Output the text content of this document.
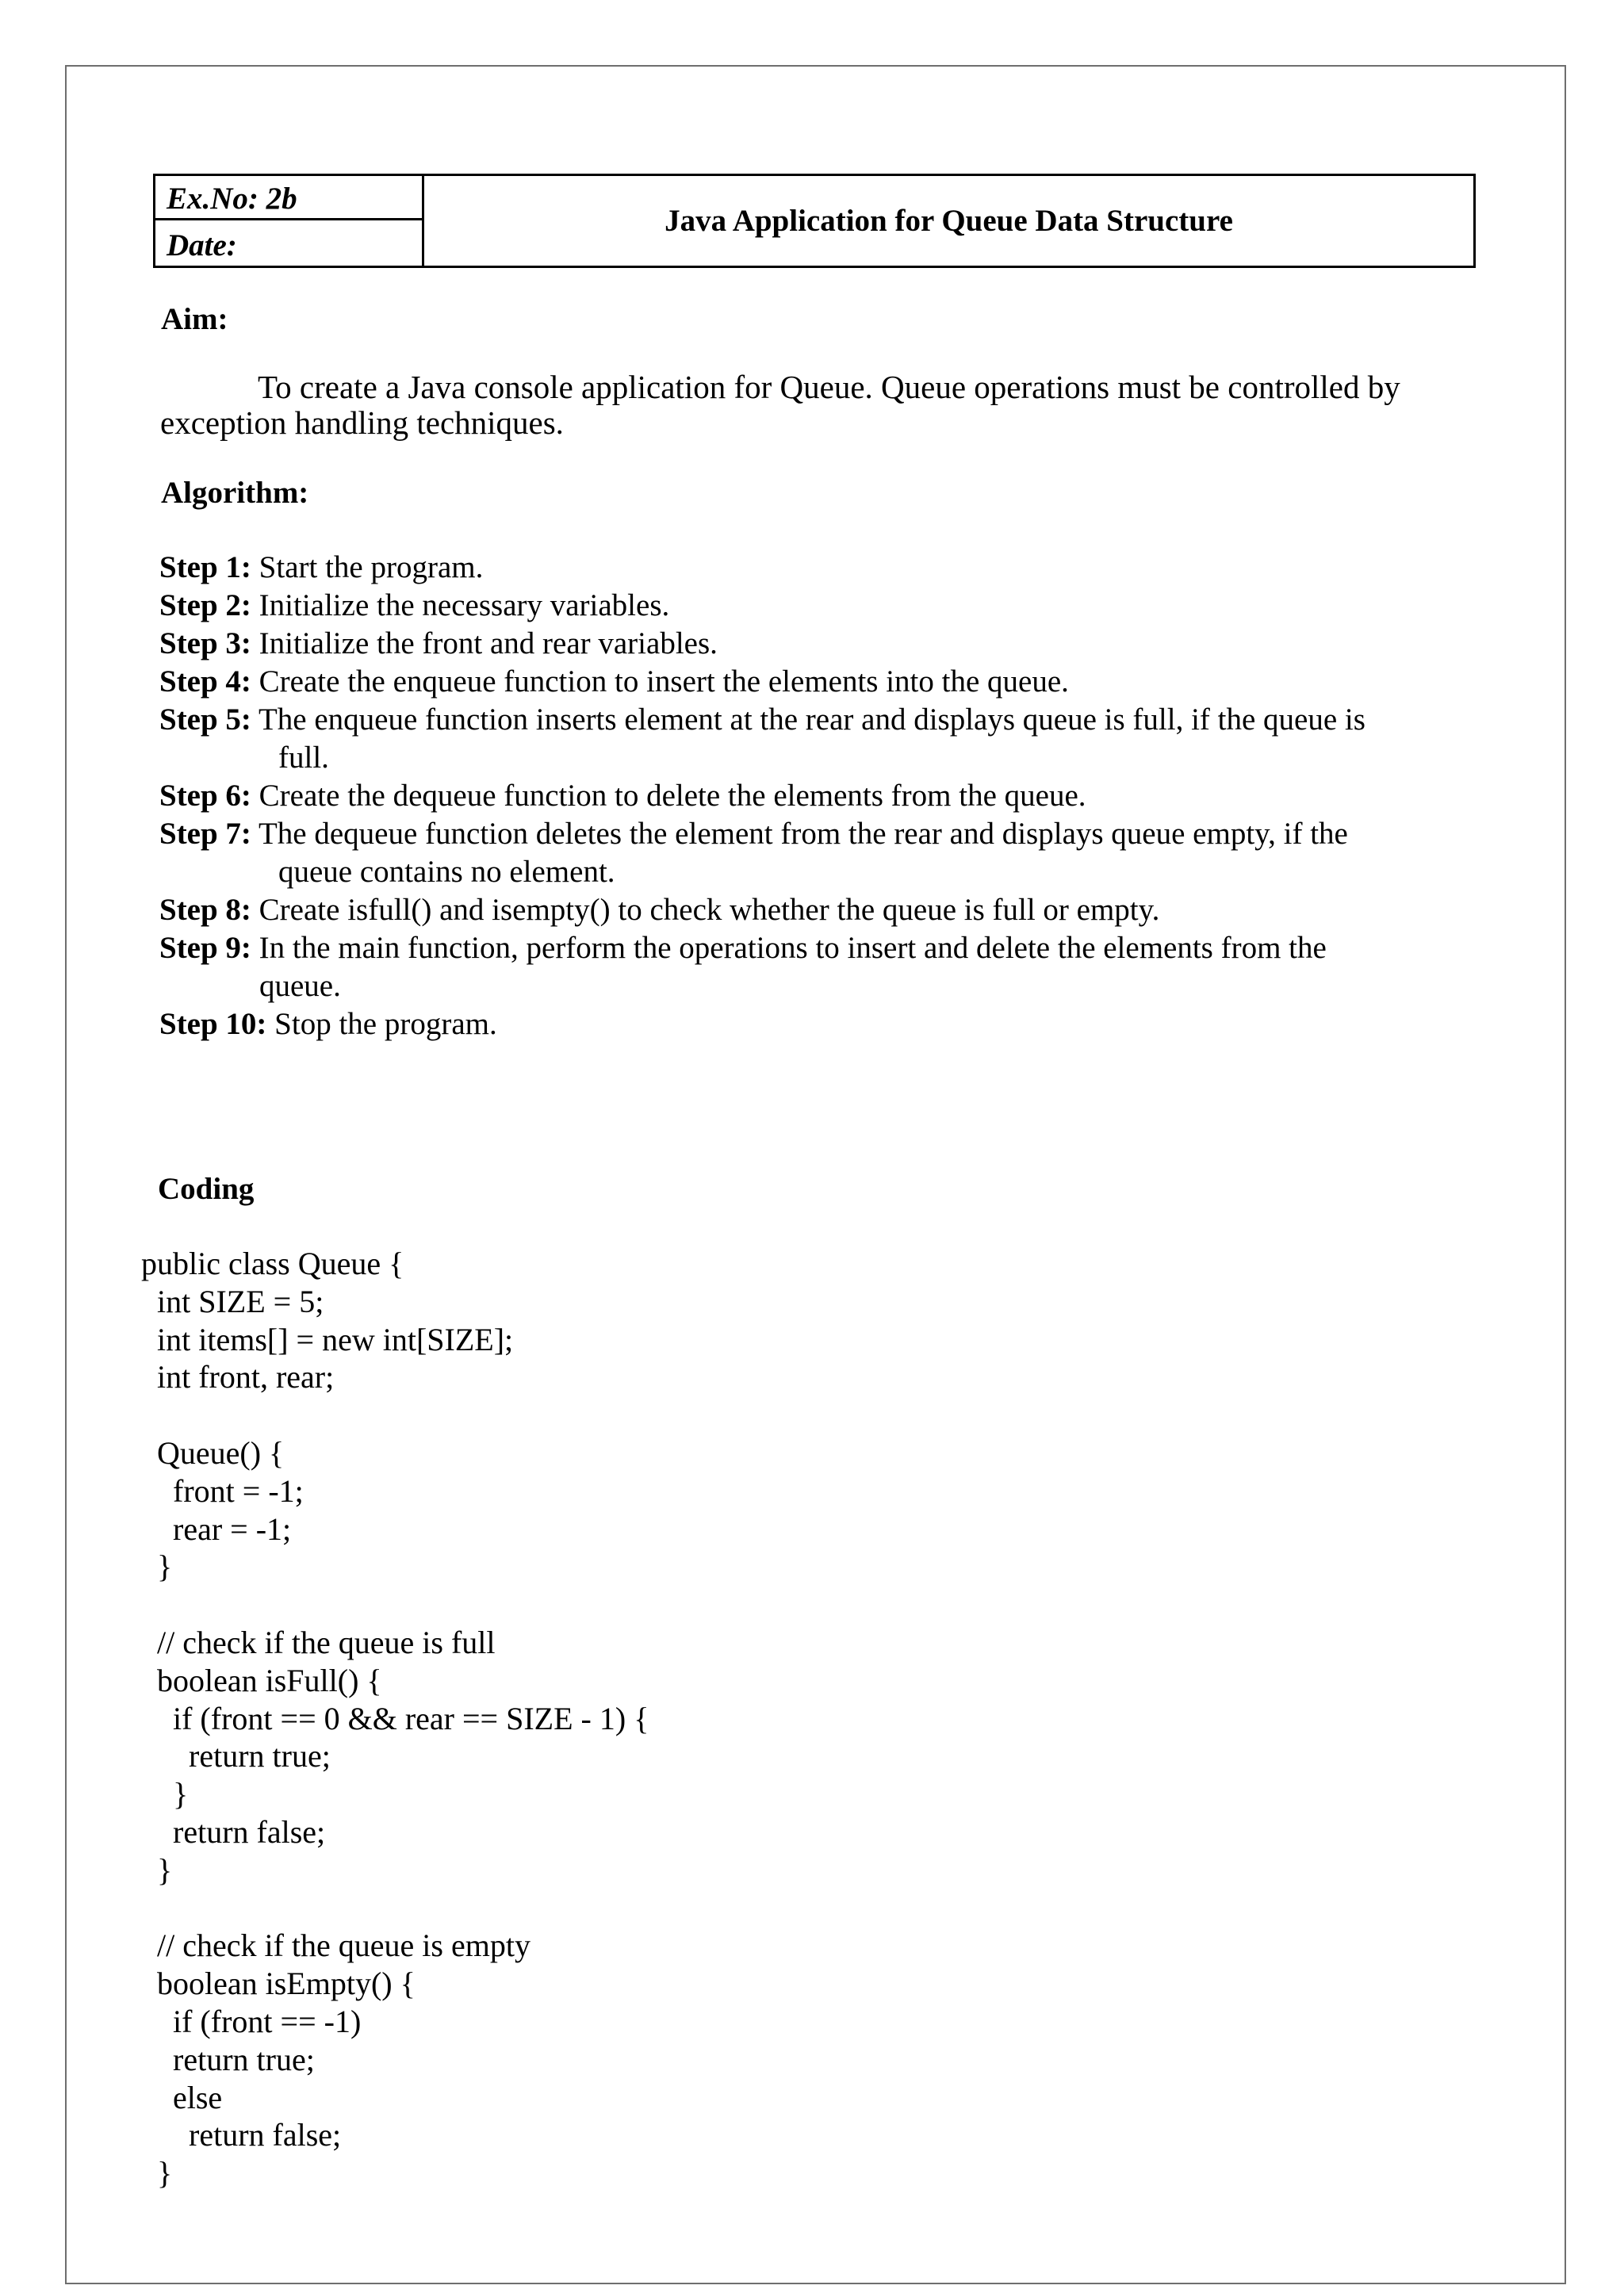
Ex.No: 2b
Date:
Java Application for Queue Data Structure
Aim:
To create a Java console application for Queue. Queue operations must be controlled by
exception handling techniques.
Algorithm:
Step 1: Start the program.
Step 2: Initialize the necessary variables.
Step 3: Initialize the front and rear variables.
Step 4: Create the enqueue function to insert the elements into the queue.
Step 5: The enqueue function inserts element at the rear and displays queue is full, if the queue is
full.
Step 6: Create the dequeue function to delete the elements from the queue.
Step 7: The dequeue function deletes the element from the rear and displays queue empty, if the
queue contains no element.
Step 8: Create isfull() and isempty() to check whether the queue is full or empty.
Step 9: In the main function, perform the operations to insert and delete the elements from the
queue.
Step 10: Stop the program.
Coding
public class Queue {
int SIZE = 5;
int items[] = new int[SIZE];
int front, rear;

Queue() {
front = -1;
rear = -1;
}

// check if the queue is full
boolean isFull() {
if (front == 0 && rear == SIZE - 1) {
return true;
}
return false;
}

// check if the queue is empty
boolean isEmpty() {
if (front == -1)
return true;
else
return false;
}
